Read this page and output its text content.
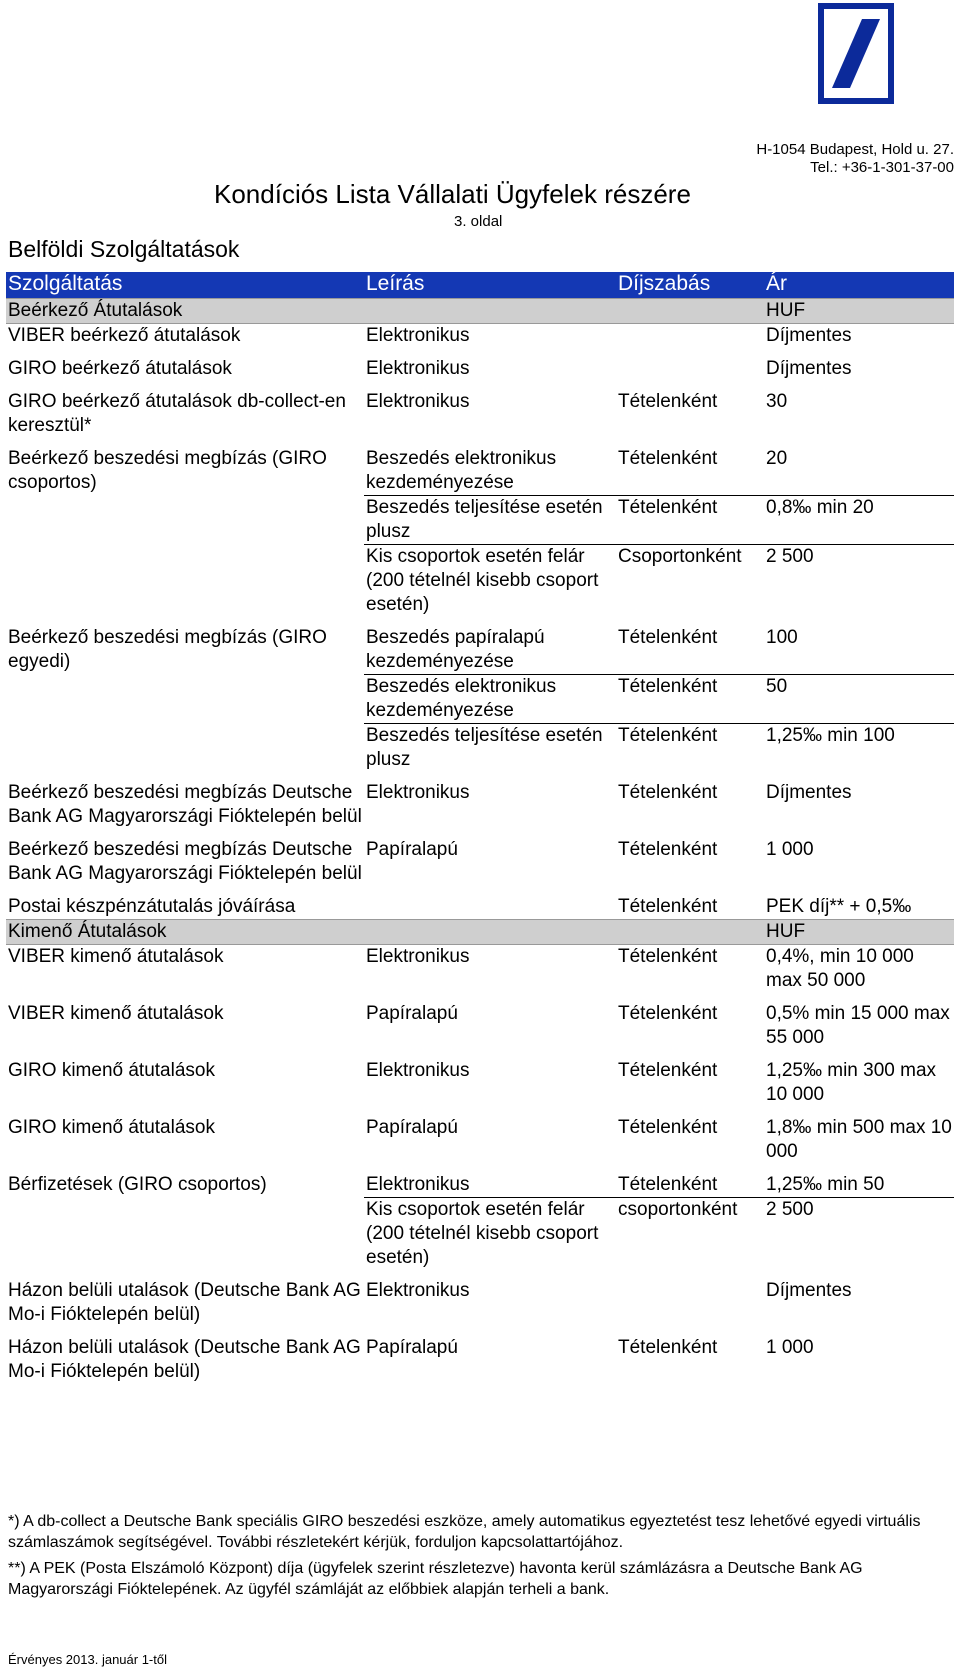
H-1054 Budapest, Hold u. 27.
Tel.: +36-1-301-37-00
Kondíciós Lista Vállalati Ügyfelek részére
3. oldal
Belföldi Szolgáltatások
Szolgáltatás	Leírás	Díjszabás	Ár
Beérkező Átutalások			HUF
VIBER beérkező átutalások	Elektronikus		Díjmentes

GIRO beérkező átutalások	Elektronikus		Díjmentes

GIRO beérkező átutalások db-collect-en keresztül*	Elektronikus	Tételenként	30

Beérkező beszedési megbízás (GIRO csoportos)	Beszedés elektronikus kezdeményezése	Tételenként	20
	Beszedés teljesítése esetén plusz	Tételenként	0,8‰ min 20
	Kis csoportok esetén felár (200 tételnél kisebb csoport esetén)	Csoportonként	2 500

Beérkező beszedési megbízás (GIRO egyedi)	Beszedés papíralapú kezdeményezése	Tételenként	100
	Beszedés elektronikus kezdeményezése	Tételenként	50
	Beszedés teljesítése esetén plusz	Tételenként	1,25‰ min 100

Beérkező beszedési megbízás Deutsche Bank AG Magyarországi Fióktelepén belül	Elektronikus	Tételenként	Díjmentes

Beérkező beszedési megbízás Deutsche Bank AG Magyarországi Fióktelepén belül	Papíralapú	Tételenként	1 000

Postai készpénzátutalás jóváírása		Tételenként	PEK díj** + 0,5‰
Kimenő Átutalások			HUF
VIBER kimenő átutalások	Elektronikus	Tételenként	0,4%, min 10 000 max 50 000

VIBER kimenő átutalások	Papíralapú	Tételenként	0,5% min 15 000 max 55 000

GIRO kimenő átutalások	Elektronikus	Tételenként	1,25‰ min 300 max 10 000

GIRO kimenő átutalások	Papíralapú	Tételenként	1,8‰ min 500 max 10 000

Bérfizetések (GIRO csoportos)	Elektronikus	Tételenként	1,25‰ min 50
	Kis csoportok esetén felár (200 tételnél kisebb csoport esetén)	csoportonként	2 500

Házon belüli utalások (Deutsche Bank AG Mo-i Fióktelepén belül)	Elektronikus		Díjmentes

Házon belüli utalások (Deutsche Bank AG Mo-i Fióktelepén belül)	Papíralapú	Tételenként	1 000

*) A db-collect a Deutsche Bank speciális GIRO beszedési eszköze, amely automatikus egyeztetést tesz lehetővé egyedi virtuális számlaszámok segítségével. További részletekért kérjük, forduljon kapcsolattartójához.

**) A PEK (Posta Elszámoló Központ) díja (ügyfelek szerint részletezve) havonta kerül számlázásra a Deutsche Bank AG Magyarországi Fióktelepének. Az ügyfél számláját az előbbiek alapján terheli a bank.

Érvényes 2013. január 1-től
